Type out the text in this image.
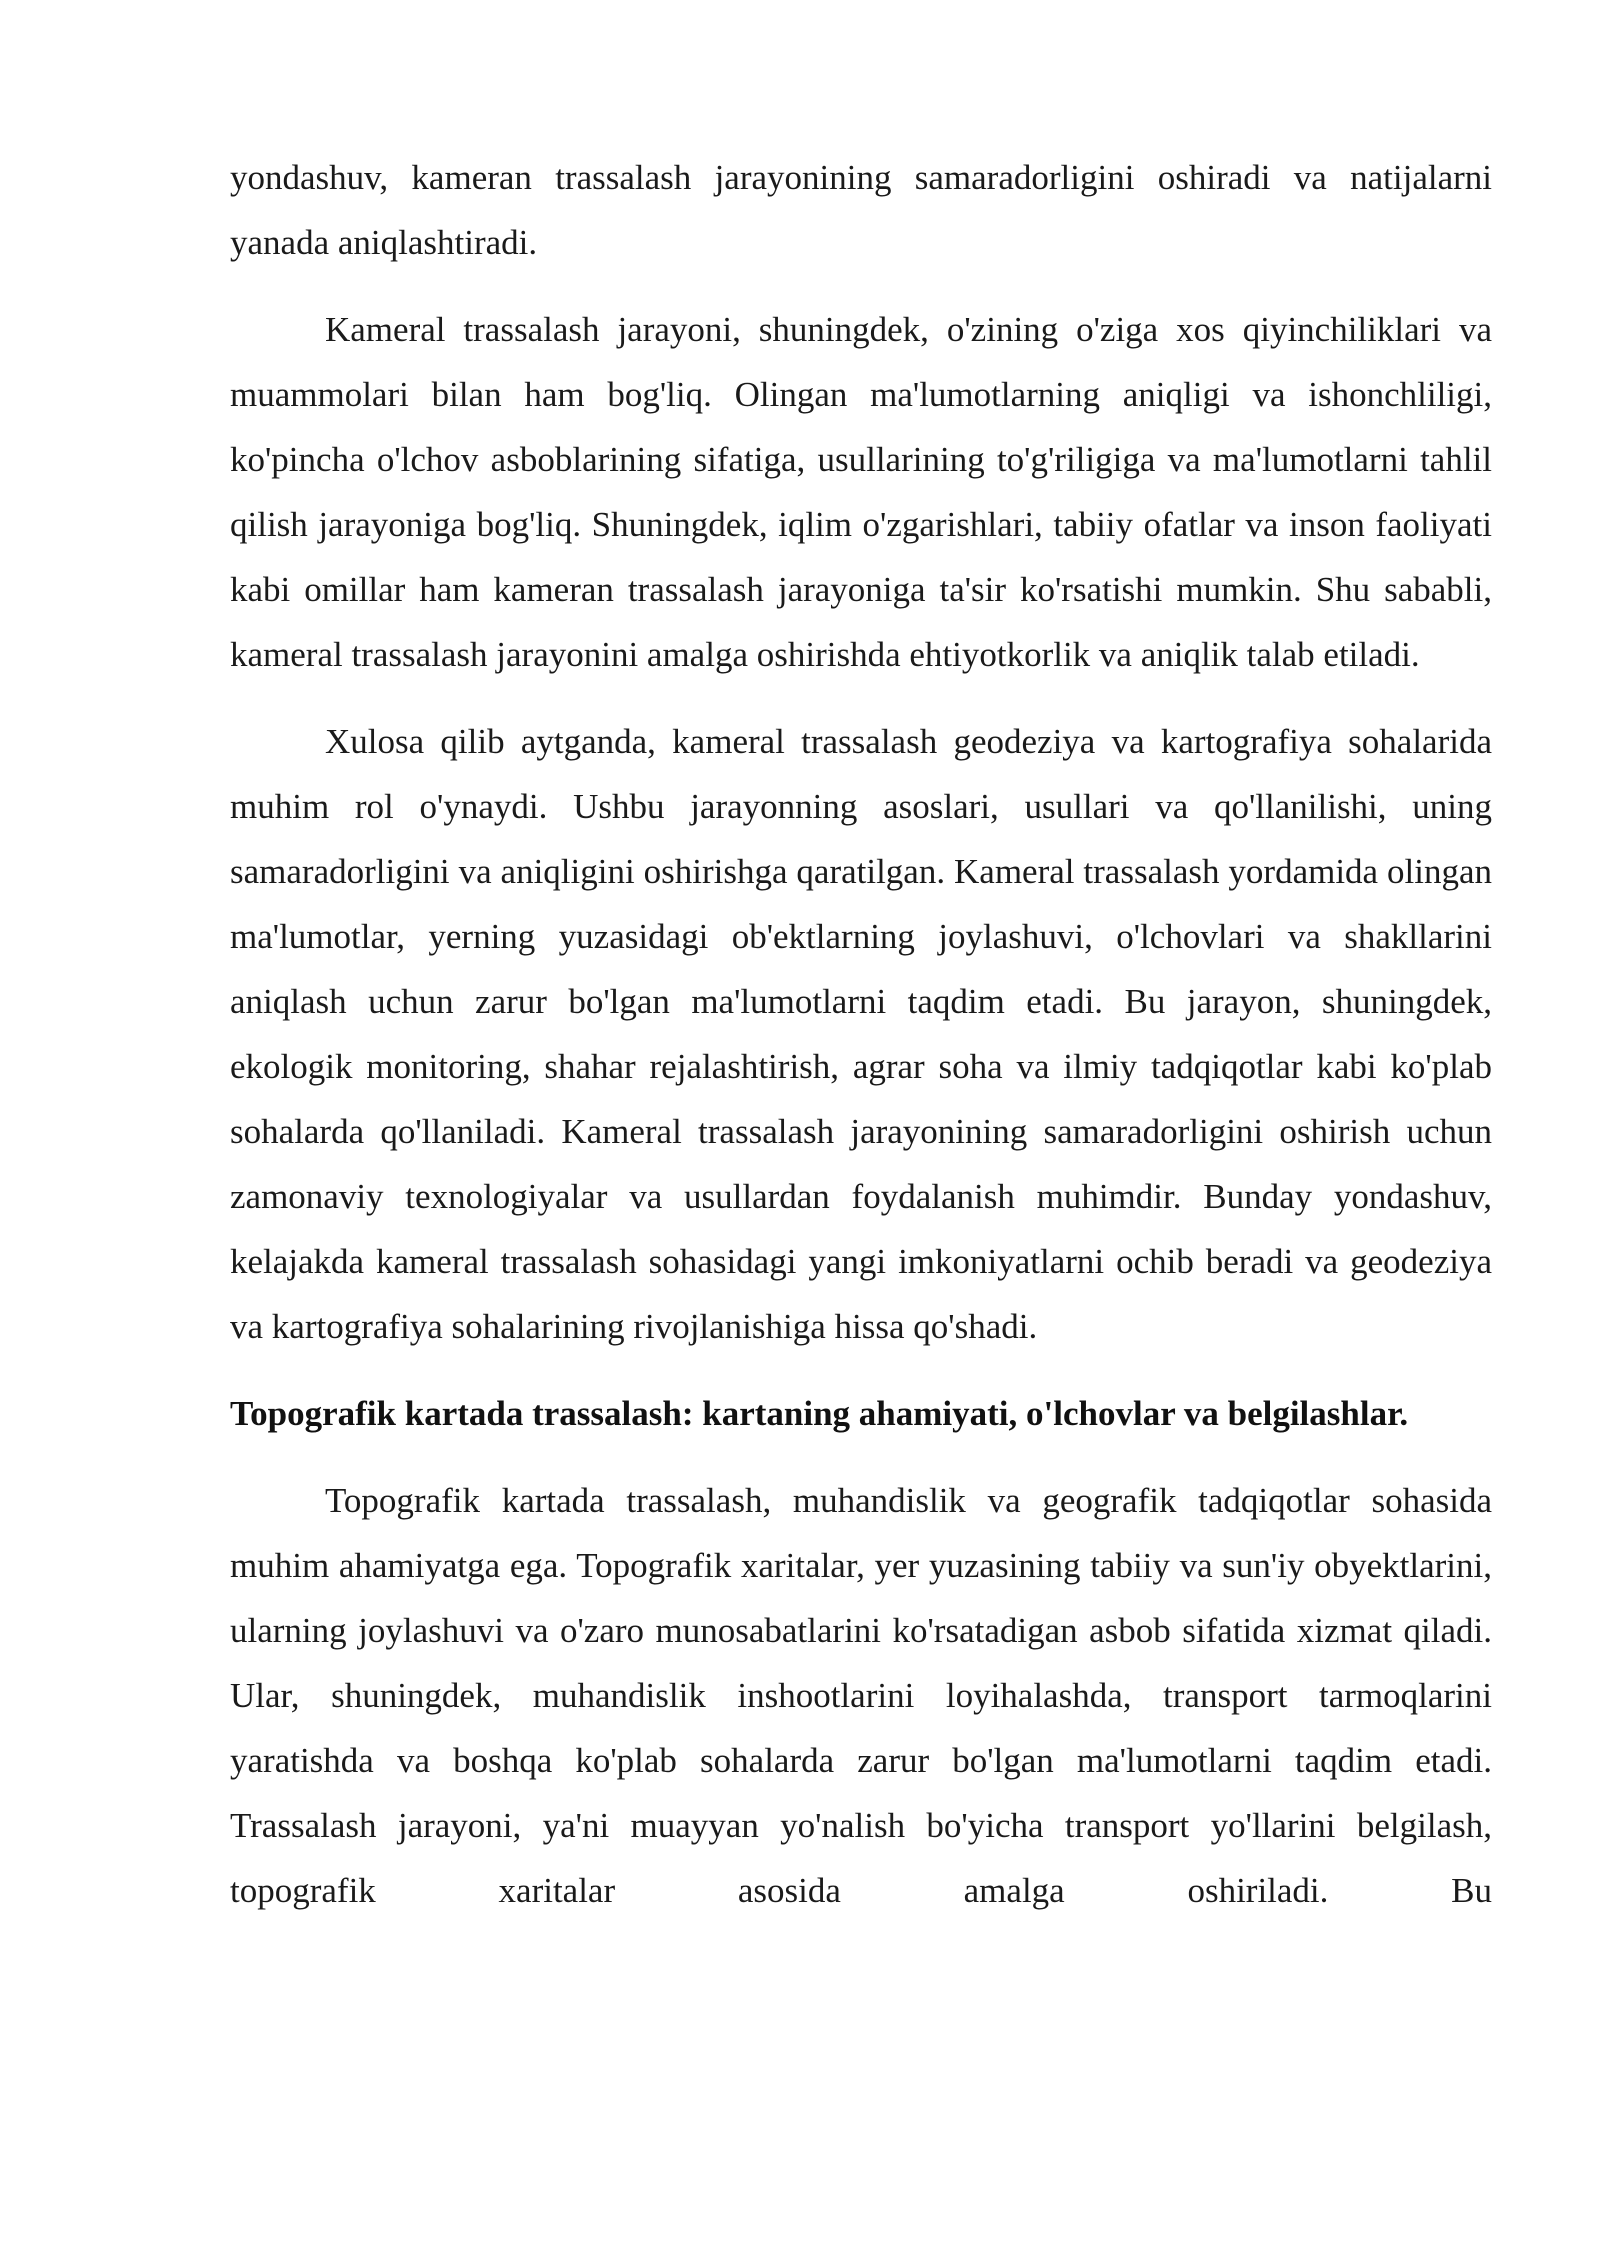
yondashuv, kameran trassalash jarayonining samaradorligini oshiradi va natijalarni yanada aniqlashtiradi.

Kameral trassalash jarayoni, shuningdek, o'zining o'ziga xos qiyinchiliklari va muammolari bilan ham bog'liq. Olingan ma'lumotlarning aniqligi va ishonchliligi, ko'pincha o'lchov asboblarining sifatiga, usullarining to'g'riligiga va ma'lumotlarni tahlil qilish jarayoniga bog'liq. Shuningdek, iqlim o'zgarishlari, tabiiy ofatlar va inson faoliyati kabi omillar ham kameran trassalash jarayoniga ta'sir ko'rsatishi mumkin. Shu sababli, kameral trassalash jarayonini amalga oshirishda ehtiyotkorlik va aniqlik talab etiladi.

Xulosa qilib aytganda, kameral trassalash geodeziya va kartografiya sohalarida muhim rol o'ynaydi. Ushbu jarayonning asoslari, usullari va qo'llanilishi, uning samaradorligini va aniqligini oshirishga qaratilgan. Kameral trassalash yordamida olingan ma'lumotlar, yerning yuzasidagi ob'ektlarning joylashuvi, o'lchovlari va shakllarini aniqlash uchun zarur bo'lgan ma'lumotlarni taqdim etadi. Bu jarayon, shuningdek, ekologik monitoring, shahar rejalashtirish, agrar soha va ilmiy tadqiqotlar kabi ko'plab sohalarda qo'llaniladi. Kameral trassalash jarayonining samaradorligini oshirish uchun zamonaviy texnologiyalar va usullardan foydalanish muhimdir. Bunday yondashuv, kelajakda kameral trassalash sohasidagi yangi imkoniyatlarni ochib beradi va geodeziya va kartografiya sohalarining rivojlanishiga hissa qo'shadi.

Topografik kartada trassalash: kartaning ahamiyati, o'lchovlar va belgilashlar.

Topografik kartada trassalash, muhandislik va geografik tadqiqotlar sohasida muhim ahamiyatga ega. Topografik xaritalar, yer yuzasining tabiiy va sun'iy obyektlarini, ularning joylashuvi va o'zaro munosabatlarini ko'rsatadigan asbob sifatida xizmat qiladi. Ular, shuningdek, muhandislik inshootlarini loyihalashda, transport tarmoqlarini yaratishda va boshqa ko'plab sohalarda zarur bo'lgan ma'lumotlarni taqdim etadi. Trassalash jarayoni, ya'ni muayyan yo'nalish bo'yicha transport yo'llarini belgilash, topografik xaritalar asosida amalga oshiriladi. Bu
